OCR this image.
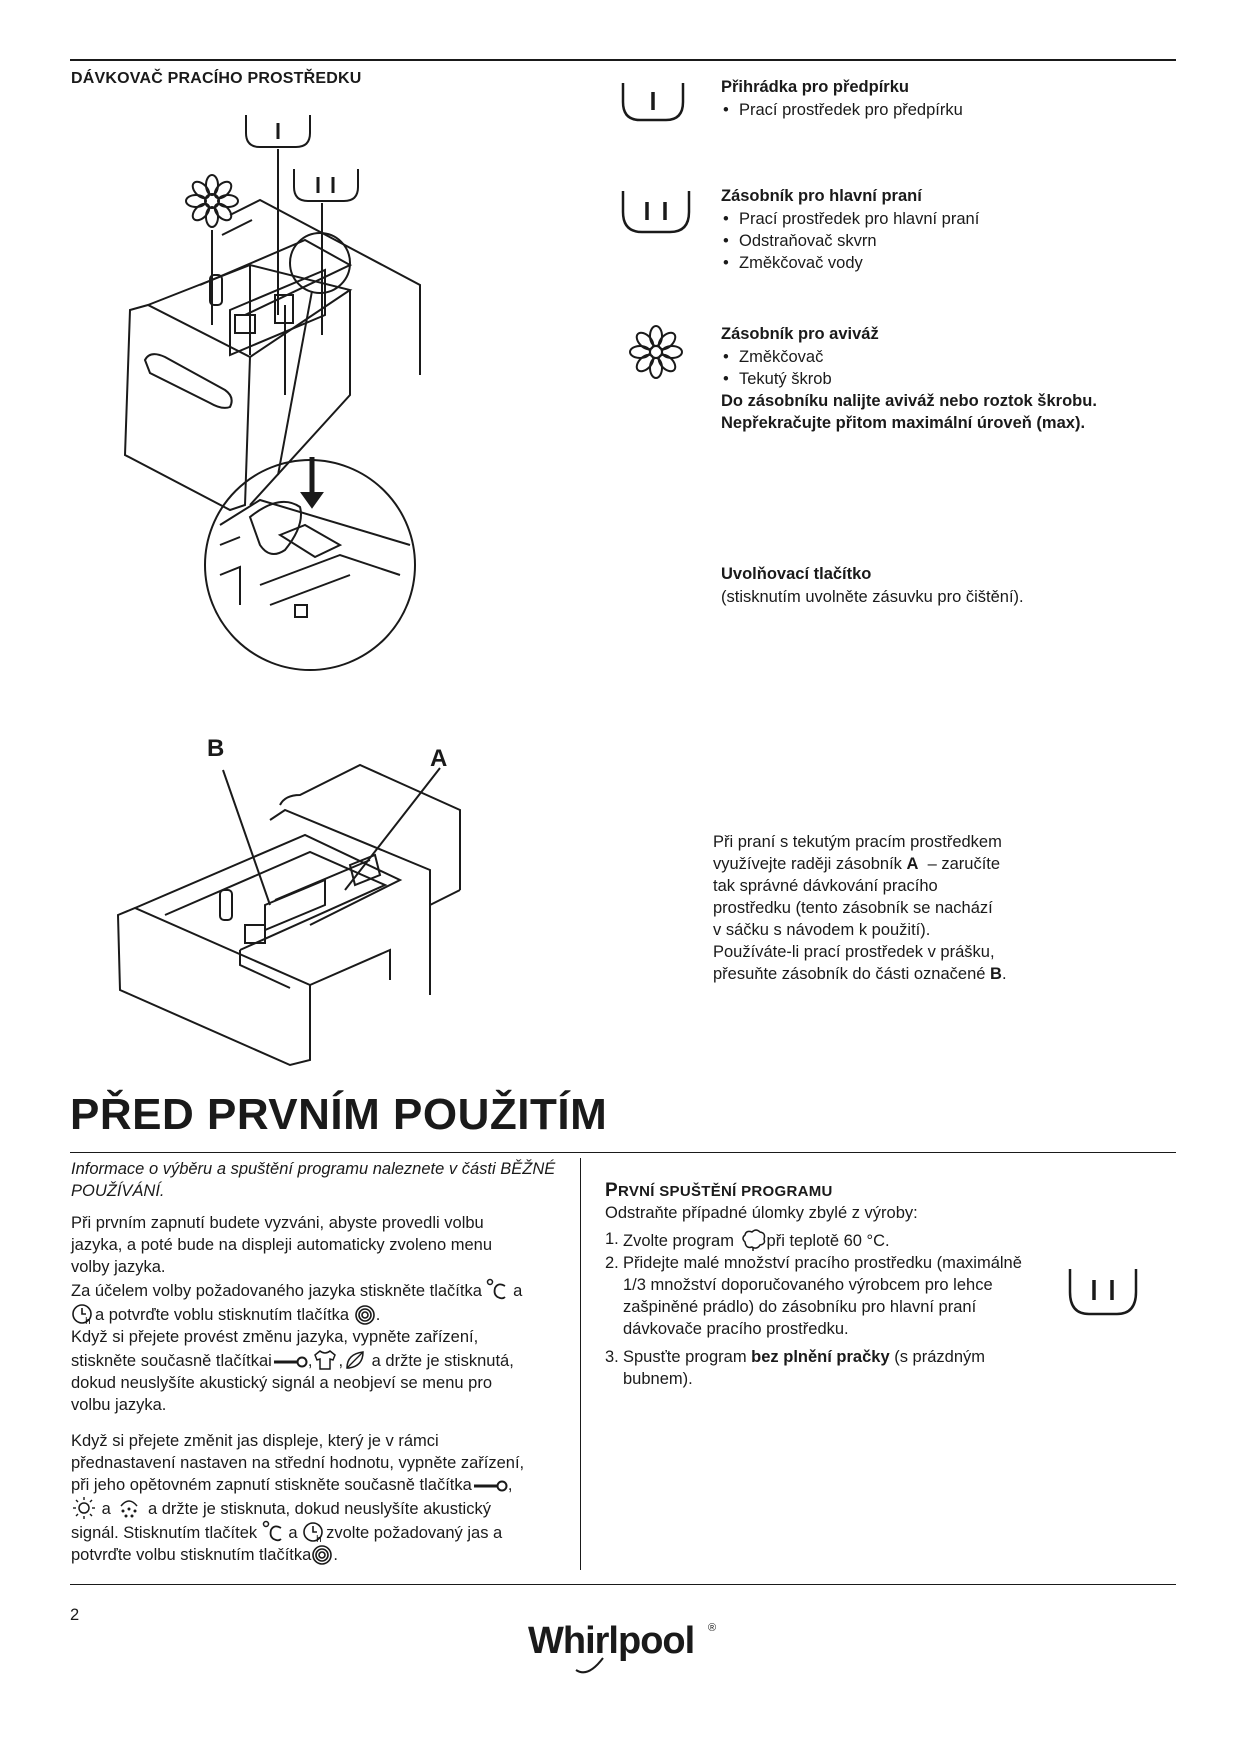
DÁVKOVAČ PRACÍHO PROSTŘEDKU	Přihrádka pro předpírku
• Prací prostředek pro předpírku
Zásobník pro hlavní praní
• Prací prostředek pro hlavní praní
• Odstraňovač skvrn
• Změkčovač vody
Zásobník pro aviváž
• Změkčovač
• Tekutý škrob
Do zásobníku nalijte aviváž nebo roztok škrobu.
Nepřekračujte přitom maximální úroveň (max).
Uvolňovací tlačítko
(stisknutím uvolněte zásuvku pro čištění).
B	A
Při praní s tekutým pracím prostředkem
využívejte raději zásobník A  – zaručíte
tak správné dávkování pracího
prostředku (tento zásobník se nachází
v sáčku s návodem k použití).
Používáte-li prací prostředek v prášku,
přesuňte zásobník do části označené B.
PŘED PRVNÍM POUŽITÍM
Informace o výběru a spuštění programu naleznete v části BĚŽNÉ
POUŽÍVÁNÍ.
Při prvním zapnutí budete vyzváni, abyste provedli volbu
jazyka, a poté bude na displeji automaticky zvoleno menu
volby jazyka.
Za účelem volby požadovaného jazyka stiskněte tlačítka  a
h a potvrďte voblu stisknutím tlačítka .
Když si přejete provést změnu jazyka, vypněte zařízení,
stiskněte současně tlačítkai , , a držte je stisknutá,
dokud neuslyšíte akustický signál a neobjeví se menu pro
volbu jazyka.
Když si přejete změnit jas displeje, který je v rámci
přednastavení nastaven na střední hodnotu, vypněte zařízení,
při jeho opětovném zapnutí stiskněte současně tlačítka ,
a  a držte je stisknuta, dokud neuslyšíte akustický
signál. Stisknutím tlačítek  a h zvolte požadovaný jas a
potvrďte volbu stisknutím tlačítka .
PRVNÍ SPUŠTĚNÍ PROGRAMU
Odstraňte případné úlomky zbylé z výroby:
1. Zvolte program při teplotě 60 °C.
2. Přidejte malé množství pracího prostředku (maximálně
1/3 množství doporučovaného výrobcem pro lehce
zašpiněné prádlo) do zásobníku pro hlavní praní
dávkovače pracího prostředku.
3. Spusťte program bez plnění pračky (s prázdným
bubnem).
2
Whirlpool ®
